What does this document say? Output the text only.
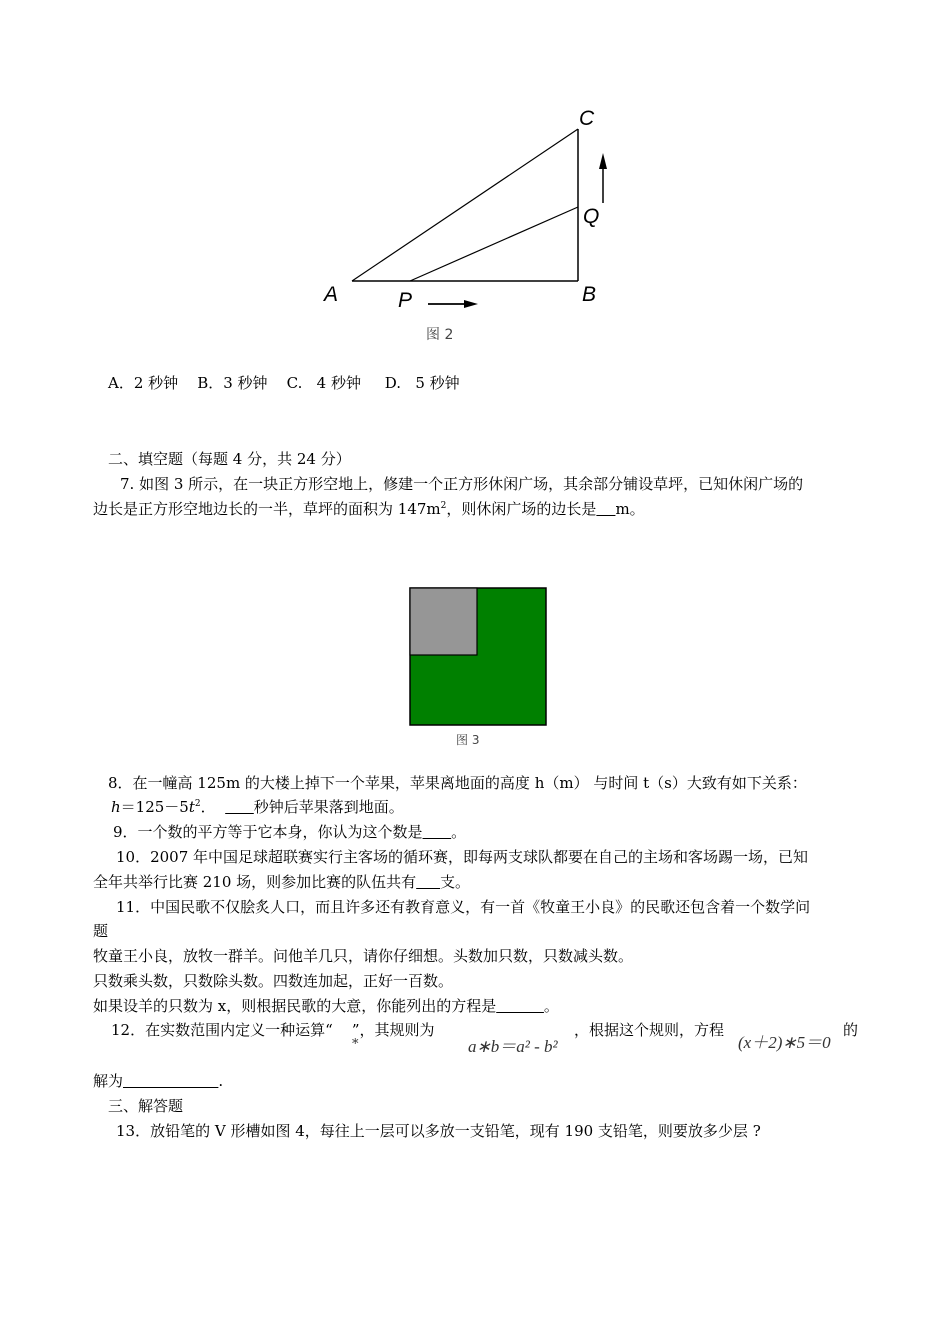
A	P	B
C
Q
图 2
A．2 秒钟    B．3 秒钟    C.   4 秒钟     D.   5 秒钟
二、填空题（每题 4 分，共 24 分）
7. 如图 3 所示，在一块正方形空地上，修建一个正方形休闲广场，其余部分铺设草坪，已知休闲广场的
边长是正方形空地边长的一半，草坪的面积为 $147m^2$，则休闲广场的边长是 m。
图 3
8．在一幢高 125m 的大楼上掉下一个苹果，苹果离地面的高度 h（m） 与时间 t（s）大致有如下关系：
$h=125-5t^2$．	秒钟后苹果落到地面。
9．一个数的平方等于它本身，你认为这个数是 。
10．2007 年中国足球超联赛实行主客场的循环赛，即每两支球队都要在自己的主场和客场踢一场，已知
全年共举行比赛 210 场，则参加比赛的队伍共有 支。
11．中国民歌不仅脍炙人口，而且许多还有教育意义，有一首《牧童王小良》的民歌还包含着一个数学问
题
牧童王小良，放牧一群羊。问他羊几只，请你仔细想。头数加只数，只数减头数。
只数乘头数，只数除头数。四数连加起，正好一百数。
如果设羊的只数为 x，则根据民歌的大意，你能列出的方程是	。
12．在实数范围内定义一种运算“    ”，其规则为
*	a∗b＝a² - b²
，根据这个规则，方程
(x＋2)∗5＝0
的
解为	.
三、解答题
13．放铅笔的 V 形槽如图 4，每往上一层可以多放一支铅笔，现有 190 支铅笔，则要放多少层 ?
